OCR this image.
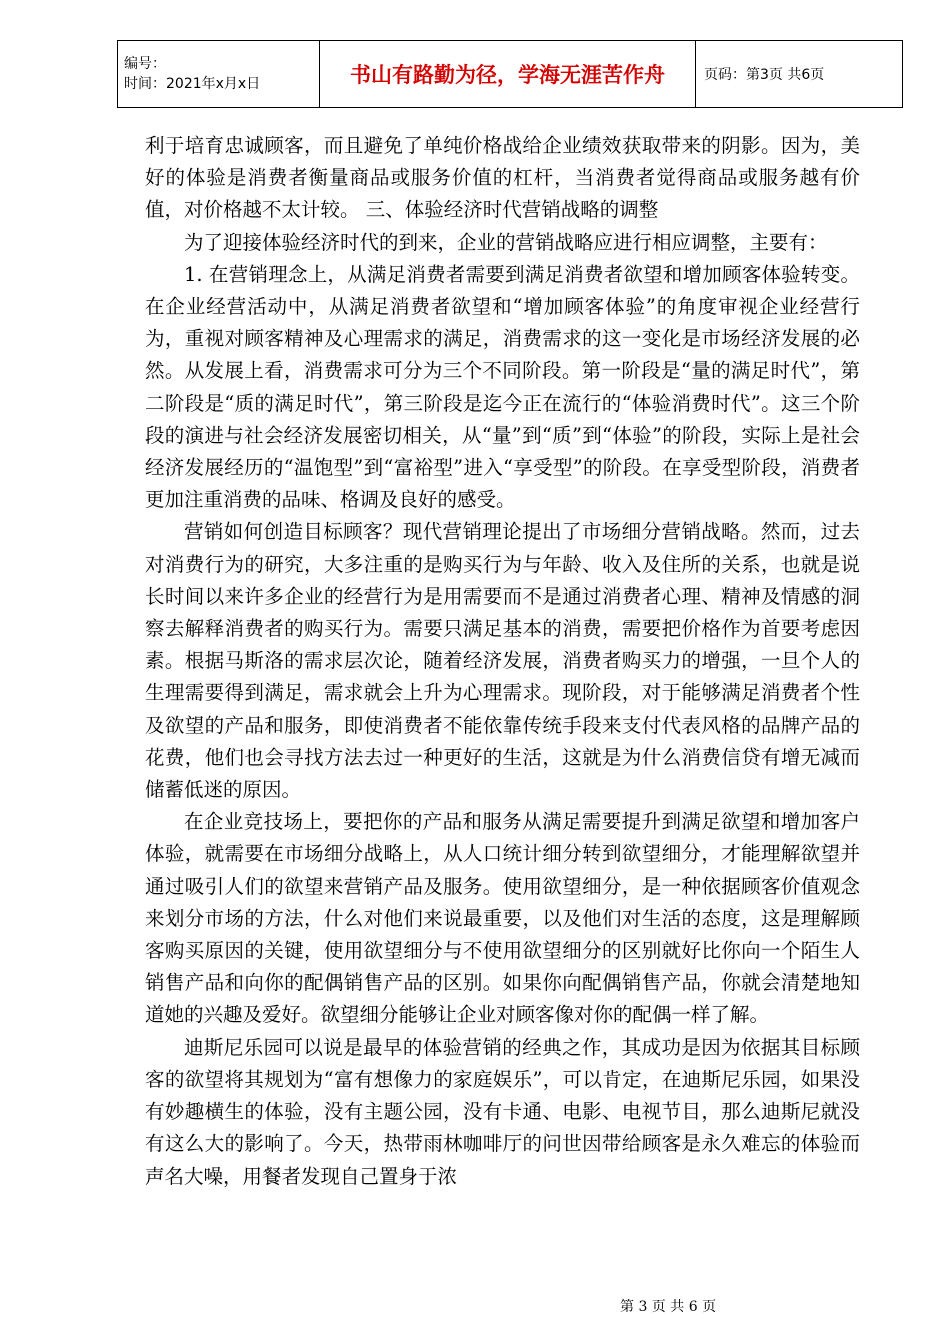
编号：
时间：2021年x月x日	书山有路勤为径，学海无涯苦作舟	页码：第3页 共6页

利于培育忠诚顾客，而且避免了单纯价格战给企业绩效获取带来的阴影。因为，美好的体验是消费者衡量商品或服务价值的杠杆，当消费者觉得商品或服务越有价值，对价格越不太计较。 三、体验经济时代营销战略的调整

为了迎接体验经济时代的到来，企业的营销战略应进行相应调整，主要有：

1. 在营销理念上，从满足消费者需要到满足消费者欲望和增加顾客体验转变。在企业经营活动中，从满足消费者欲望和“增加顾客体验”的角度审视企业经营行为，重视对顾客精神及心理需求的满足，消费需求的这一变化是市场经济发展的必然。从发展上看，消费需求可分为三个不同阶段。第一阶段是“量的满足时代”，第二阶段是“质的满足时代”，第三阶段是迄今正在流行的“体验消费时代”。这三个阶段的演进与社会经济发展密切相关，从“量”到“质”到“体验”的阶段，实际上是社会经济发展经历的“温饱型”到“富裕型”进入“享受型”的阶段。在享受型阶段，消费者更加注重消费的品味、格调及良好的感受。

营销如何创造目标顾客？现代营销理论提出了市场细分营销战略。然而，过去对消费行为的研究，大多注重的是购买行为与年龄、收入及住所的关系，也就是说长时间以来许多企业的经营行为是用需要而不是通过消费者心理、精神及情感的洞察去解释消费者的购买行为。需要只满足基本的消费，需要把价格作为首要考虑因素。根据马斯洛的需求层次论，随着经济发展，消费者购买力的增强，一旦个人的生理需要得到满足，需求就会上升为心理需求。现阶段，对于能够满足消费者个性及欲望的产品和服务，即使消费者不能依靠传统手段来支付代表风格的品牌产品的花费，他们也会寻找方法去过一种更好的生活，这就是为什么消费信贷有增无减而储蓄低迷的原因。

在企业竞技场上，要把你的产品和服务从满足需要提升到满足欲望和增加客户体验，就需要在市场细分战略上，从人口统计细分转到欲望细分，才能理解欲望并通过吸引人们的欲望来营销产品及服务。使用欲望细分，是一种依据顾客价值观念来划分市场的方法，什么对他们来说最重要，以及他们对生活的态度，这是理解顾客购买原因的关键，使用欲望细分与不使用欲望细分的区别就好比你向一个陌生人销售产品和向你的配偶销售产品的区别。如果你向配偶销售产品，你就会清楚地知道她的兴趣及爱好。欲望细分能够让企业对顾客像对你的配偶一样了解。

迪斯尼乐园可以说是最早的体验营销的经典之作，其成功是因为依据其目标顾客的欲望将其规划为“富有想像力的家庭娱乐”，可以肯定，在迪斯尼乐园，如果没有妙趣横生的体验，没有主题公园，没有卡通、电影、电视节目，那么迪斯尼就没有这么大的影响了。今天，热带雨林咖啡厅的问世因带给顾客是永久难忘的体验而声名大噪，用餐者发现自己置身于浓

第 3 页 共 6 页
